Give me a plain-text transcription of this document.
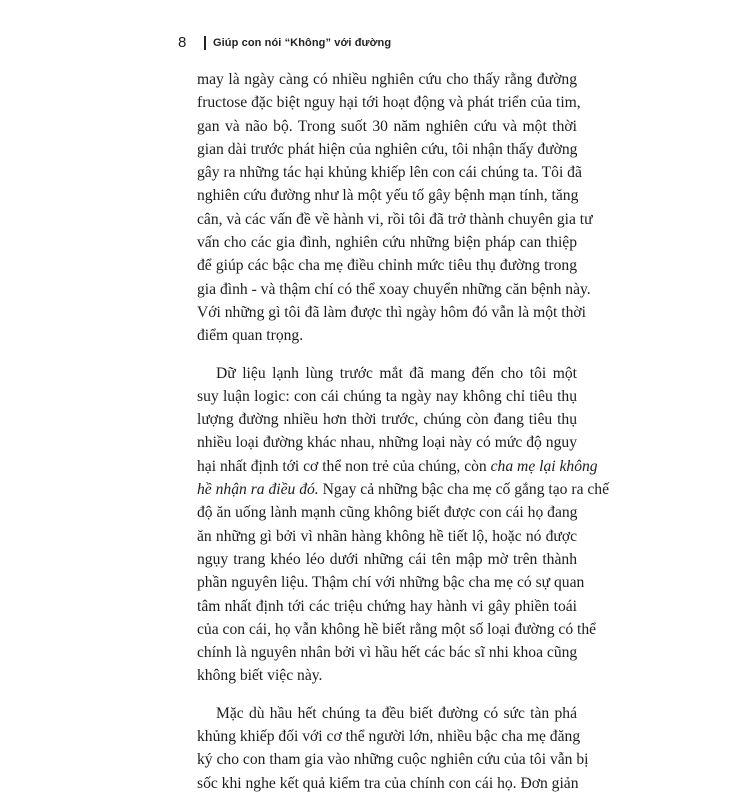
8	Giúp con nói “Không” với đường
may là ngày càng có nhiều nghiên cứu cho thấy rằng đường
fructose đặc biệt nguy hại tới hoạt động và phát triển của tim,
gan và não bộ. Trong suốt 30 năm nghiên cứu và một thời
gian dài trước phát hiện của nghiên cứu, tôi nhận thấy đường
gây ra những tác hại khủng khiếp lên con cái chúng ta. Tôi đã
nghiên cứu đường như là một yếu tố gây bệnh mạn tính, tăng
cân, và các vấn đề về hành vi, rồi tôi đã trở thành chuyên gia tư
vấn cho các gia đình, nghiên cứu những biện pháp can thiệp
để giúp các bậc cha mẹ điều chỉnh mức tiêu thụ đường trong
gia đình - và thậm chí có thể xoay chuyển những căn bệnh này.
Với những gì tôi đã làm được thì ngày hôm đó vẫn là một thời
điểm quan trọng.
Dữ liệu lạnh lùng trước mắt đã mang đến cho tôi một
suy luận logic: con cái chúng ta ngày nay không chỉ tiêu thụ
lượng đường nhiều hơn thời trước, chúng còn đang tiêu thụ
nhiều loại đường khác nhau, những loại này có mức độ nguy
hại nhất định tới cơ thể non trẻ của chúng, còn cha mẹ lại không
hề nhận ra điều đó. Ngay cả những bậc cha mẹ cố gắng tạo ra chế
độ ăn uống lành mạnh cũng không biết được con cái họ đang
ăn những gì bởi vì nhãn hàng không hề tiết lộ, hoặc nó được
ngụy trang khéo léo dưới những cái tên mập mờ trên thành
phần nguyên liệu. Thậm chí với những bậc cha mẹ có sự quan
tâm nhất định tới các triệu chứng hay hành vi gây phiền toái
của con cái, họ vẫn không hề biết rằng một số loại đường có thể
chính là nguyên nhân bởi vì hầu hết các bác sĩ nhi khoa cũng
không biết việc này.
Mặc dù hầu hết chúng ta đều biết đường có sức tàn phá
khủng khiếp đối với cơ thể người lớn, nhiều bậc cha mẹ đăng
ký cho con tham gia vào những cuộc nghiên cứu của tôi vẫn bị
sốc khi nghe kết quả kiểm tra của chính con cái họ. Đơn giản
